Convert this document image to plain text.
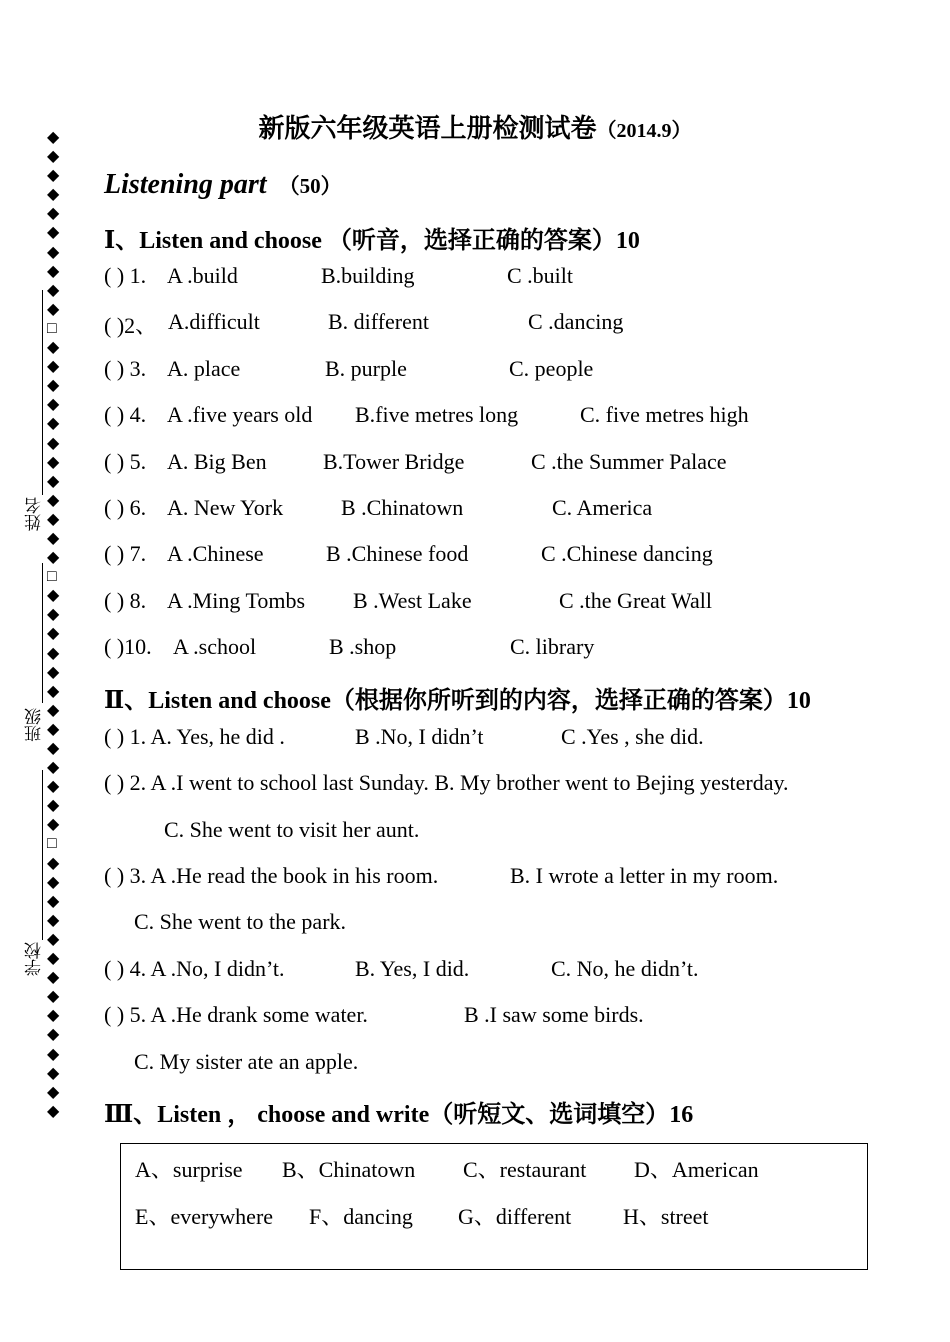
◆
◆
◆
◆
◆
◆
◆
◆
◆
◆
□
◆
◆
◆
◆
◆
◆
◆
◆
◆
◆
◆
◆
□
◆
◆
◆
◆
◆
◆
◆
◆
◆
◆
◆
◆
◆
□
◆
◆
◆
◆
◆
◆
◆
◆
◆
◆
◆
◆
◆
◆
姓名
班级
学校
新版六年级英语上册检测试卷（2014.9）
Listening part （50）
Ⅰ、Listen and choose （听音，选择正确的答案）10
( ) 1. A .build	B.building	C .built
( )2、 A.difficult	B. different	C .dancing
( ) 3. A. place	B. purple	C. people
( ) 4. A .five years old B.five metres long	C. five metres high
( ) 5. A. Big Ben	B.Tower Bridge	C .the Summer Palace
( ) 6. A. New York	B .Chinatown	C. America
( ) 7. A .Chinese	B .Chinese food	C .Chinese dancing
( ) 8. A .Ming Tombs B .West Lake	C .the Great Wall
( )10. A .school	B .shop	C. library
Ⅱ、Listen and choose（根据你所听到的内容，选择正确的答案）10
( ) 1. A. Yes, he did .	B .No, I didn’t	C .Yes , she did.
( ) 2. A .I went to school last Sunday. B. My brother went to Bejing yesterday.
C. She went to visit her aunt.
( ) 3. A .He read the book in his room.	B. I wrote a letter in my room.
C. She went to the park.
( ) 4. A .No, I didn’t.	B. Yes, I did.	C. No, he didn’t.
( ) 5. A .He drank some water.	B .I saw some birds.
C. My sister ate an apple.
Ⅲ、Listen ， choose and write（听短文、选词填空）16
A、surprise B、Chinatown C、restaurant D、American
E、everywhere F、dancing G、different H、street
